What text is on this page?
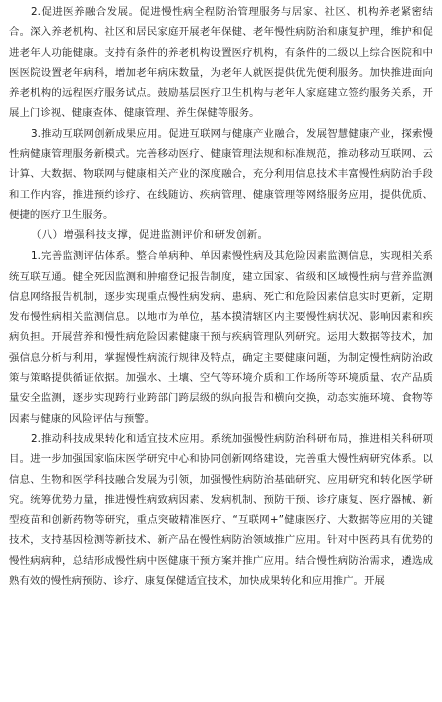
2.促进医养融合发展。促进慢性病全程防治管理服务与居家、社区、机构养老紧密结合。深入养老机构、社区和居民家庭开展老年保健、老年慢性病防治和康复护理，维护和促进老年人功能健康。支持有条件的养老机构设置医疗机构，有条件的二级以上综合医院和中医医院设置老年病科，增加老年病床数量，为老年人就医提供优先便利服务。加快推进面向养老机构的远程医疗服务试点。鼓励基层医疗卫生机构与老年人家庭建立签约服务关系，开展上门诊视、健康查体、健康管理、养生保健等服务。

3.推动互联网创新成果应用。促进互联网与健康产业融合，发展智慧健康产业，探索慢性病健康管理服务新模式。完善移动医疗、健康管理法规和标准规范，推动移动互联网、云计算、大数据、物联网与健康相关产业的深度融合，充分利用信息技术丰富慢性病防治手段和工作内容，推进预约诊疗、在线随访、疾病管理、健康管理等网络服务应用，提供优质、便捷的医疗卫生服务。

（八）增强科技支撑，促进监测评价和研发创新。

1.完善监测评估体系。整合单病种、单因素慢性病及其危险因素监测信息，实现相关系统互联互通。健全死因监测和肿瘤登记报告制度，建立国家、省级和区域慢性病与营养监测信息网络报告机制，逐步实现重点慢性病发病、患病、死亡和危险因素信息实时更新，定期发布慢性病相关监测信息。以地市为单位，基本摸清辖区内主要慢性病状况、影响因素和疾病负担。开展营养和慢性病危险因素健康干预与疾病管理队列研究。运用大数据等技术，加强信息分析与利用，掌握慢性病流行规律及特点，确定主要健康问题，为制定慢性病防治政策与策略提供循证依据。加强水、土壤、空气等环境介质和工作场所等环境质量、农产品质量安全监测，逐步实现跨行业跨部门跨层级的纵向报告和横向交换，动态实施环境、食物等因素与健康的风险评估与预警。

2.推动科技成果转化和适宜技术应用。系统加强慢性病防治科研布局，推进相关科研项目。进一步加强国家临床医学研究中心和协同创新网络建设，完善重大慢性病研究体系。以信息、生物和医学科技融合发展为引领，加强慢性病防治基础研究、应用研究和转化医学研究。统筹优势力量，推进慢性病致病因素、发病机制、预防干预、诊疗康复、医疗器械、新型疫苗和创新药物等研究，重点突破精准医疗、“互联网+”健康医疗、大数据等应用的关键技术，支持基因检测等新技术、新产品在慢性病防治领域推广应用。针对中医药具有优势的慢性病病种，总结形成慢性病中医健康干预方案并推广应用。结合慢性病防治需求，遴选成熟有效的慢性病预防、诊疗、康复保健适宜技术，加快成果转化和应用推广。开展
